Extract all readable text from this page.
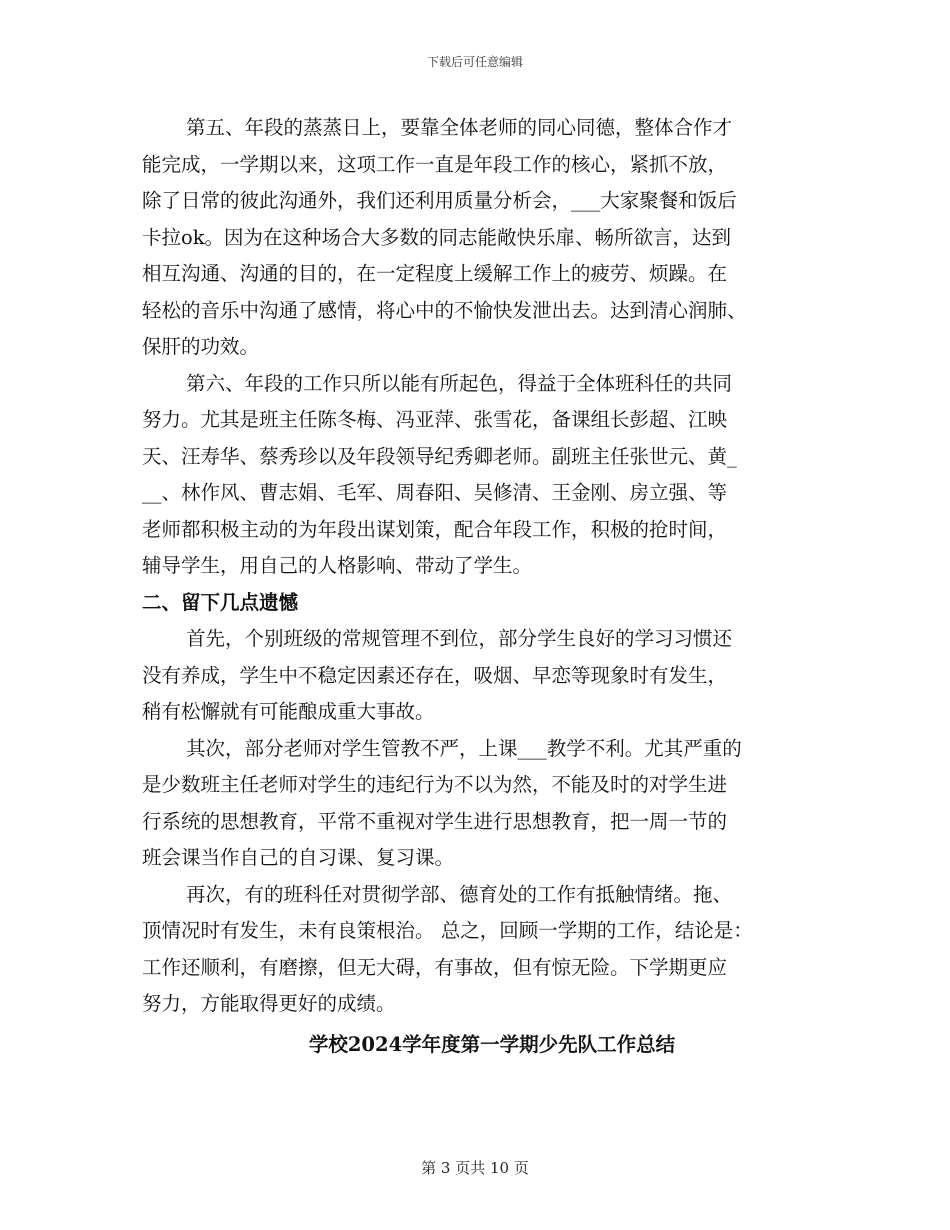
下载后可任意编辑
第五、年段的蒸蒸日上，要靠全体老师的同心同德，整体合作才
能完成，一学期以来，这项工作一直是年段工作的核心，紧抓不放，
除了日常的彼此沟通外，我们还利用质量分析会，___大家聚餐和饭后
卡拉ok。因为在这种场合大多数的同志能敞快乐扉、畅所欲言，达到
相互沟通、沟通的目的，在一定程度上缓解工作上的疲劳、烦躁。在
轻松的音乐中沟通了感情，将心中的不愉快发泄出去。达到清心润肺、
保肝的功效。
第六、年段的工作只所以能有所起色，得益于全体班科任的共同
努力。尤其是班主任陈冬梅、冯亚萍、张雪花，备课组长彭超、江映
天、汪寿华、蔡秀珍以及年段领导纪秀卿老师。副班主任张世元、黄_
__、林作风、曹志娟、毛军、周春阳、吴修清、王金刚、房立强、等
老师都积极主动的为年段出谋划策，配合年段工作，积极的抢时间，
辅导学生，用自己的人格影响、带动了学生。
二、留下几点遗憾
首先，个别班级的常规管理不到位，部分学生良好的学习习惯还
没有养成，学生中不稳定因素还存在，吸烟、早恋等现象时有发生，
稍有松懈就有可能酿成重大事故。
其次，部分老师对学生管教不严，上课___教学不利。尤其严重的
是少数班主任老师对学生的违纪行为不以为然，不能及时的对学生进
行系统的思想教育，平常不重视对学生进行思想教育，把一周一节的
班会课当作自己的自习课、复习课。
再次，有的班科任对贯彻学部、德育处的工作有抵触情绪。拖、
顶情况时有发生，未有良策根治。 总之，回顾一学期的工作，结论是：
工作还顺利，有磨擦，但无大碍，有事故，但有惊无险。下学期更应
努力，方能取得更好的成绩。
学校2024学年度第一学期少先队工作总结
第 3 页共 10 页
